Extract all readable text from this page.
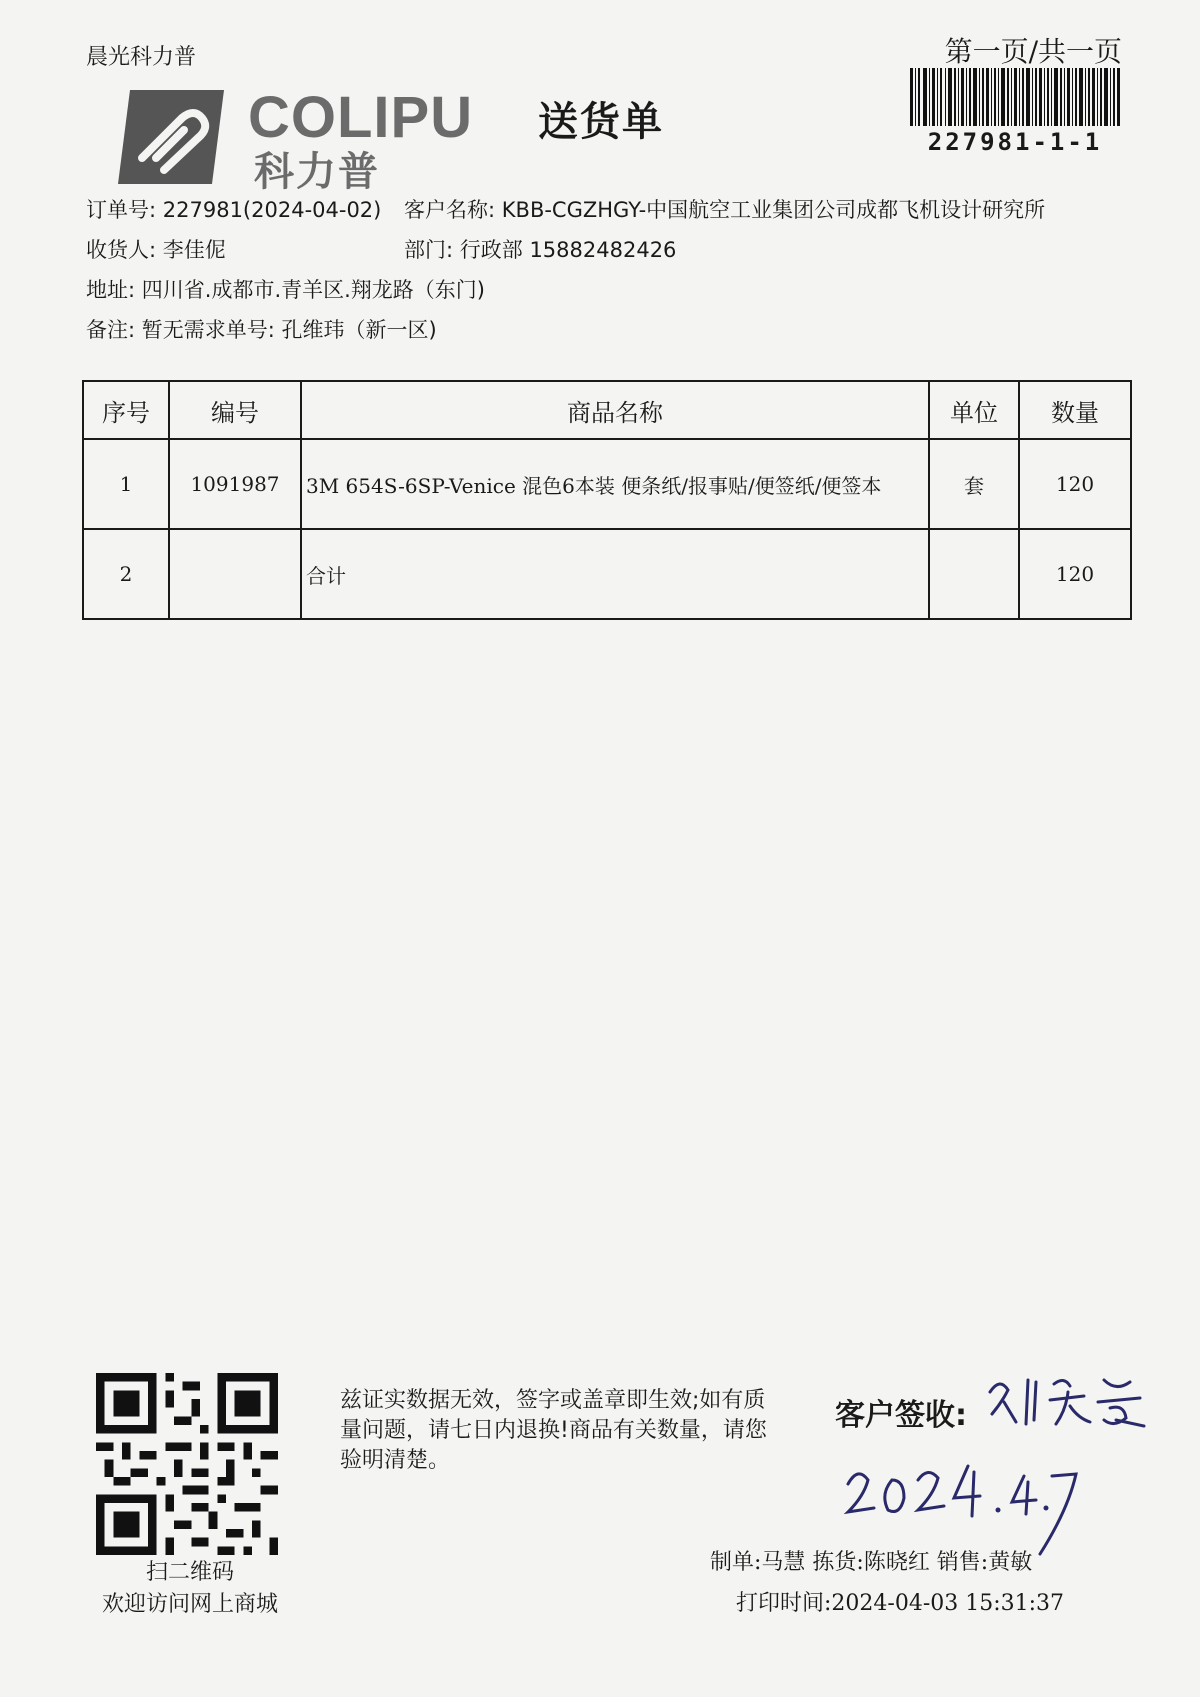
晨光科力普	第一页/共一页
227981-1-1
COLIPU
科力普
送货单
订单号: 227981(2024-04-02) 客户名称: KBB-CGZHGY-中国航空工业集团公司成都飞机设计研究所
收货人: 李佳伲	部门: 行政部 15882482426
地址: 四川省.成都市.青羊区.翔龙路（东门)
备注: 暂无需求单号: 孔维玮（新一区)
序号	编号	商品名称	单位	数量
1	1091987	3M 654S-6SP-Venice 混色6本装 便条纸/报事贴/便签纸/便签本	套	120
2		合计		120
扫二维码
欢迎访问网上商城
兹证实数据无效，签字或盖章即生效;如有质量问题，请七日内退换!商品有关数量，请您验明清楚。
客户签收:
制单:马慧 拣货:陈晓红 销售:黄敏
打印时间:2024-04-03 15:31:37
